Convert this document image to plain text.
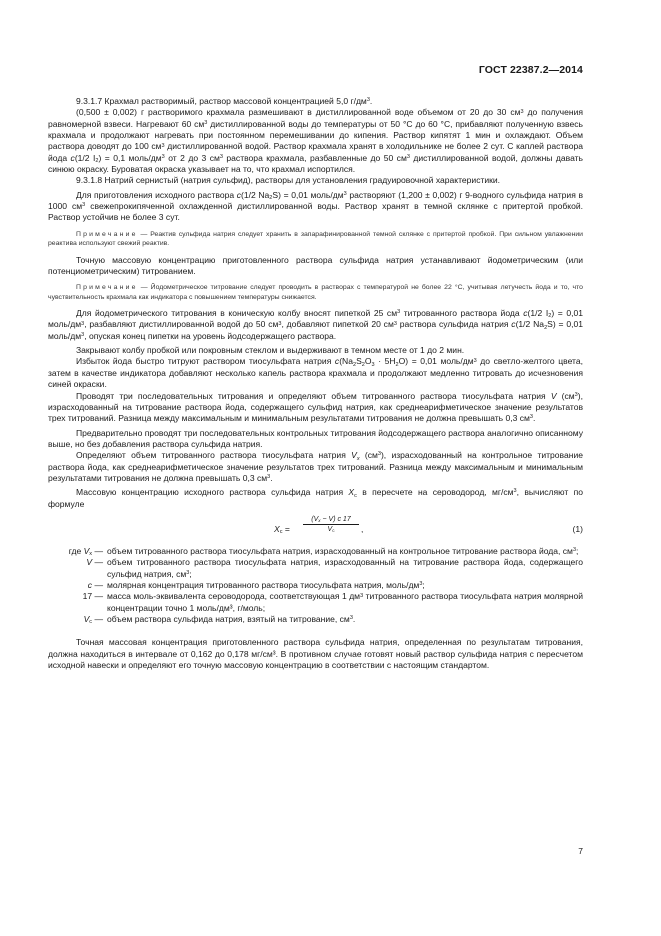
ГОСТ 22387.2—2014

9.3.1.7 Крахмал растворимый, раствор массовой концентрацией 5,0 $г/дм^3$.

(0,500 ± 0,002) г растворимого крахмала размешивают в дистиллированной воде объемом от 20 до 30 $см^3$ до получения равномерной взвеси. Нагревают 60 $см^3$ дистиллированной воды до температуры от 50 °С до 60 °С, прибавляют полученную взвесь крахмала и продолжают нагревать при постоянном перемешивании до кипения. Раствор кипятят 1 мин и охлаждают. Объем раствора доводят до 100 $см^3$ дистиллированной водой. Раствор крахмала хранят в холодильнике не более 2 сут. С каплей раствора йода c(1/2 $I_2) = 0,1$ моль/$дм^3$ от 2 до 3 $см^3$ раствора крахмала, разбавленные до 50 $см^3$ дистиллированной водой, должны давать синюю окраску. Буроватая окраска указывает на то, что крахмал испортился.

9.3.1.8 Натрий сернистый (натрия сульфид), растворы для установления градуировочной характеристики.

Для приготовления исходного раствора c(1/2 $Na_2S) = 0,01$ моль/$дм^3$ растворяют (1,200 ± 0,002) г 9-водного сульфида натрия в 1000 $см^3$ свежепрокипяченной охлажденной дистиллированной воды. Раствор хранят в темной склянке с притертой пробкой. Раствор устойчив не более 3 сут.

Примечание — Реактив сульфида натрия следует хранить в запарафинированной темной склянке с притертой пробкой. При сильном увлажнении реактива используют свежий реактив.

Точную массовую концентрацию приготовленного раствора сульфида натрия устанавливают йодометрическим (или потенциометрическим) титрованием.

Примечание — Йодометрическое титрование следует проводить в растворах с температурой не более 22 °С, учитывая летучесть йода и то, что чувствительность крахмала как индикатора с повышением температуры снижается.

Для йодометрического титрования в коническую колбу вносят пипеткой 25 $см^3$ титрованного раствора йода c(1/2 $I_2) = 0,01$ моль/$дм^3$, разбавляют дистиллированной водой до 50 $см^3$, добавляют пипеткой 20 $см^3$ раствора сульфида натрия c(1/2 $Na_2S) = 0,01$ моль/$дм^3$, опуская конец пипетки на уровень йодсодержащего раствора.

Закрывают колбу пробкой или покровным стеклом и выдерживают в темном месте от 1 до 2 мин.

Избыток йода быстро титруют раствором тиосульфата натрия $c(Na_2S_2O_3 \cdot 5H_2O) = 0,01$ моль/$дм^3$ до светло-желтого цвета, затем в качестве индикатора добавляют несколько капель раствора крахмала и продолжают медленно титровать до исчезновения синей окраски.

Проводят три последовательных титрования и определяют объем титрованного раствора тиосульфата натрия V $(см^3)$, израсходованный на титрование раствора йода, содержащего сульфид натрия, как среднеарифметическое значение результатов трех титрований. Разница между максимальным и минимальным результатами титрования не должна превышать 0,3 $см^3$.

Предварительно проводят три последовательных контрольных титрования йодсодержащего раствора аналогично описанному выше, но без добавления раствора сульфида натрия.

Определяют объем титрованного раствора тиосульфата натрия $V_x$ $(см^3)$, израсходованный на контрольное титрование раствора йода, как среднеарифметическое значение результатов трех титрований. Разница между максимальным и минимальным результатами титрования не должна превышать 0,3 $см^3$.

Массовую концентрацию исходного раствора сульфида натрия $X_c$ в пересчете на сероводород, $мг/см^3$, вычисляют по формуле

$X_c = \frac{(V_x - V) c 17}{V_c}$ ,	(1)
где $V_x$ —	объем титрованного раствора тиосульфата натрия, израсходованный на контрольное титрование раствора йода, $см^3$;
V —	объем титрованного раствора тиосульфата натрия, израсходованный на титрование раствора йода, содержащего сульфид натрия, $см^3$;
c —	молярная концентрация титрованного раствора тиосульфата натрия, моль/$дм^3$;
17 —	масса моль-эквивалента сероводорода, соответствующая 1 $дм^3$ титрованного раствора тиосульфата натрия молярной концентрации точно 1 моль/дм³, г/моль;
$V_c$ —	объем раствора сульфида натрия, взятый на титрование, $см^3$.

Точная массовая концентрация приготовленного раствора сульфида натрия, определенная по результатам титрования, должна находиться в интервале от 0,162 до 0,178 мг/см³. В противном случае готовят новый раствор сульфида натрия с пересчетом исходной навески и определяют его точную массовую концентрацию в соответствии с настоящим стандартом.

7
